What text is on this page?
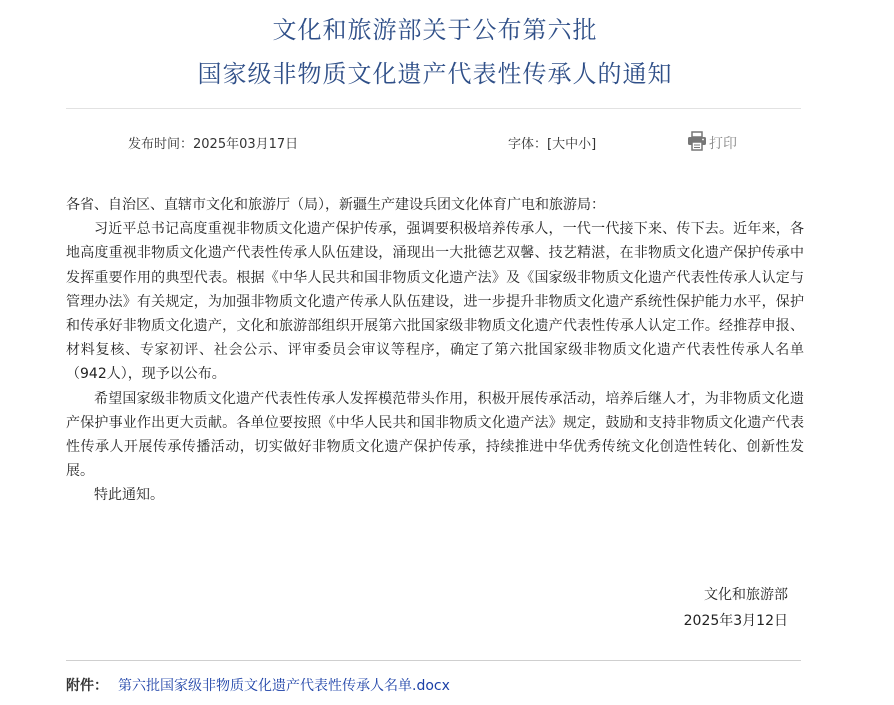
文化和旅游部关于公布第六批
国家级非物质文化遗产代表性传承人的通知
发布时间：2025年03月17日	字体：[大中小]	打印

各省、自治区、直辖市文化和旅游厅（局），新疆生产建设兵团文化体育广电和旅游局：

习近平总书记高度重视非物质文化遗产保护传承，强调要积极培养传承人，一代一代接下来、传下去。近年来，各地高度重视非物质文化遗产代表性传承人队伍建设，涌现出一大批德艺双馨、技艺精湛，在非物质文化遗产保护传承中发挥重要作用的典型代表。根据《中华人民共和国非物质文化遗产法》及《国家级非物质文化遗产代表性传承人认定与管理办法》有关规定，为加强非物质文化遗产传承人队伍建设，进一步提升非物质文化遗产系统性保护能力水平，保护和传承好非物质文化遗产，文化和旅游部组织开展第六批国家级非物质文化遗产代表性传承人认定工作。经推荐申报、材料复核、专家初评、社会公示、评审委员会审议等程序，确定了第六批国家级非物质文化遗产代表性传承人名单（942人），现予以公布。

希望国家级非物质文化遗产代表性传承人发挥模范带头作用，积极开展传承活动，培养后继人才，为非物质文化遗产保护事业作出更大贡献。各单位要按照《中华人民共和国非物质文化遗产法》规定，鼓励和支持非物质文化遗产代表性传承人开展传承传播活动，切实做好非物质文化遗产保护传承，持续推进中华优秀传统文化创造性转化、创新性发展。

特此通知。

文化和旅游部
2025年3月12日
附件： 第六批国家级非物质文化遗产代表性传承人名单.docx
